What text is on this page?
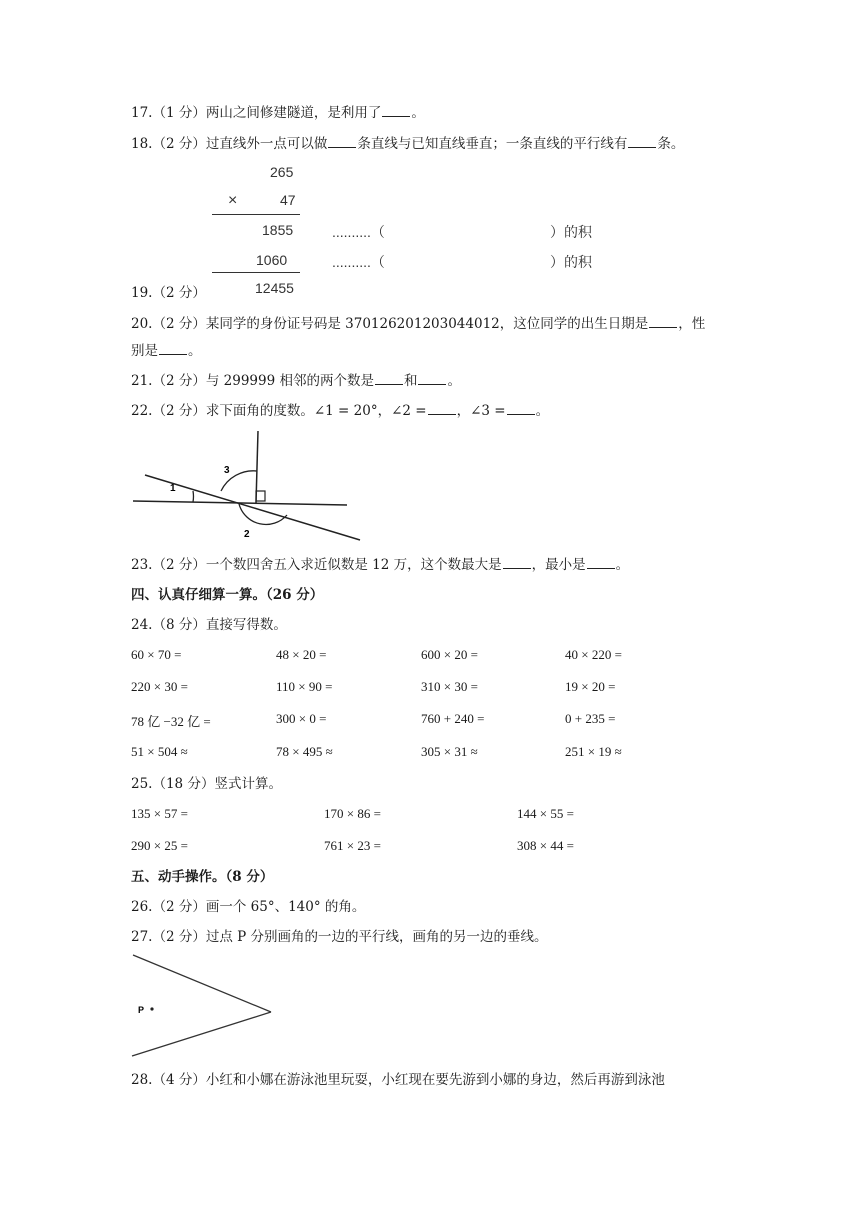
17.（1 分）两山之间修建隧道，是利用了 。
18.（2 分）过直线外一点可以做 条直线与已知直线垂直；一条直线的平行线有 条。
265
×	47
1855	..........（	）的积
1060	..........（	）的积
12455
19.（2 分）
20.（2 分）某同学的身份证号码是 370126201203044012，这位同学的出生日期是 ，性
别是 。
21.（2 分）与 299999 相邻的两个数是 和 。
22.（2 分）求下面角的度数。∠1 = 20°，∠2 = ，∠3 = 。
1
3
2
23.（2 分）一个数四舍五入求近似数是 12 万，这个数最大是 ，最小是 。
四、认真仔细算一算。（26 分）
24.（8 分）直接写得数。
60 × 70 =	48 × 20 =	600 × 20 =	40 × 220 =
220 × 30 =	110 × 90 =	310 × 30 =	19 × 20 =
78 亿 −32 亿 =	300 × 0 =	760 + 240 =	0 + 235 =
51 × 504 ≈	78 × 495 ≈	305 × 31 ≈	251 × 19 ≈
25.（18 分）竖式计算。
135 × 57 =	170 × 86 =	144 × 55 =
290 × 25 =	761 × 23 =	308 × 44 =
五、动手操作。（8 分）
26.（2 分）画一个 65°、140° 的角。
27.（2 分）过点 P 分别画角的一边的平行线，画角的另一边的垂线。
P
28.（4 分）小红和小娜在游泳池里玩耍，小红现在要先游到小娜的身边，然后再游到泳池
